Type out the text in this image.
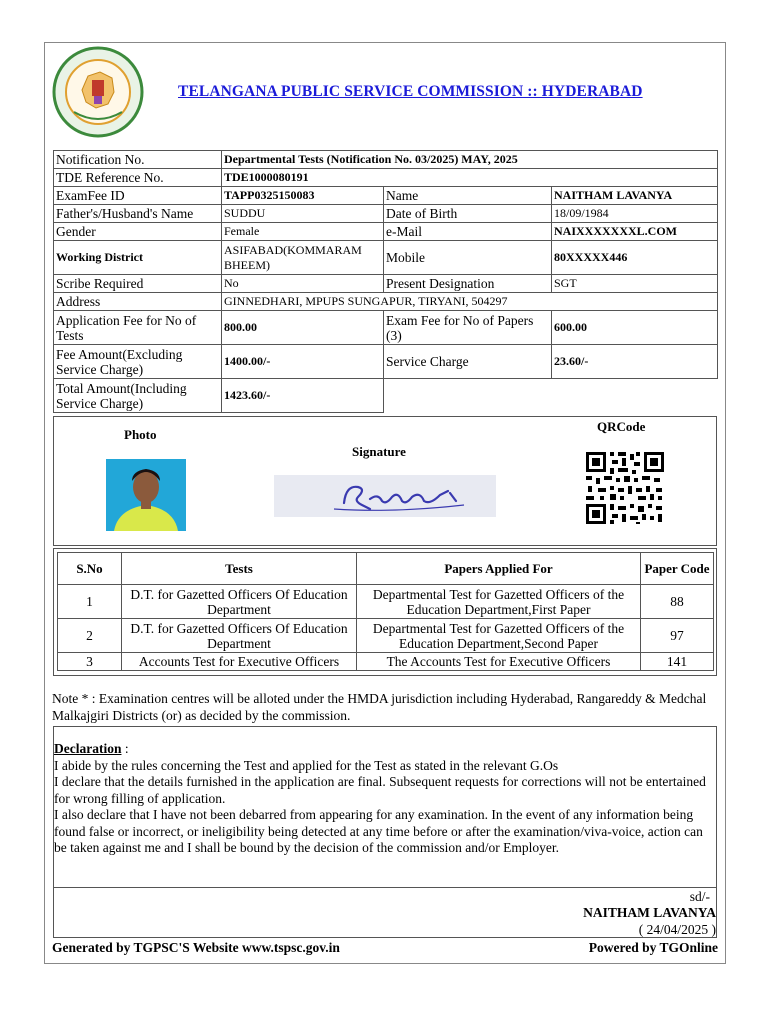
TELANGANA PUBLIC SERVICE COMMISSION :: HYDERABAD
Notification No.	Departmental Tests (Notification No. 03/2025) MAY, 2025		
TDE Reference No.	TDE1000080191		
ExamFee ID	TAPP0325150083	Name	NAITHAM LAVANYA
Father's/Husband's Name	SUDDU	Date of Birth	18/09/1984
Gender	Female	e-Mail	NAIXXXXXXXL.COM
Working District	ASIFABAD(KOMMARAM BHEEM)	Mobile	80XXXXX446
Scribe Required	No	Present Designation	SGT
Address	GINNEDHARI, MPUPS SUNGAPUR, TIRYANI, 504297		
Application Fee for No of Tests	800.00	Exam Fee for No of Papers (3)	600.00
Fee Amount(Excluding Service Charge)	1400.00/-	Service Charge	23.60/-
Total Amount(Including Service Charge)	1423.60/-		
Photo
Signature
QRCode
S.No	Tests	Papers Applied For	Paper Code
1	D.T. for Gazetted Officers Of Education Department	Departmental Test for Gazetted Officers of the Education Department,First Paper	88
2	D.T. for Gazetted Officers Of Education Department	Departmental Test for Gazetted Officers of the Education Department,Second Paper	97
3	Accounts Test for Executive Officers	The Accounts Test for Executive Officers	141
Note * : Examination centres will be alloted under the HMDA jurisdiction including Hyderabad, Rangareddy & Medchal Malkajgiri Districts (or) as decided by the commission.
Declaration :
I abide by the rules concerning the Test and applied for the Test as stated in the relevant G.Os
I declare that the details furnished in the application are final. Subsequent requests for corrections will not be entertained for wrong filling of application.
I also declare that I have not been debarred from appearing for any examination. In the event of any information being found false or incorrect, or ineligibility being detected at any time before or after the examination/viva-voice, action can be taken against me and I shall be bound by the decision of the commission and/or Employer.
sd/-
NAITHAM LAVANYA
( 24/04/2025 )
Generated by TGPSC'S Website www.tspsc.gov.in	Powered by TGOnline
